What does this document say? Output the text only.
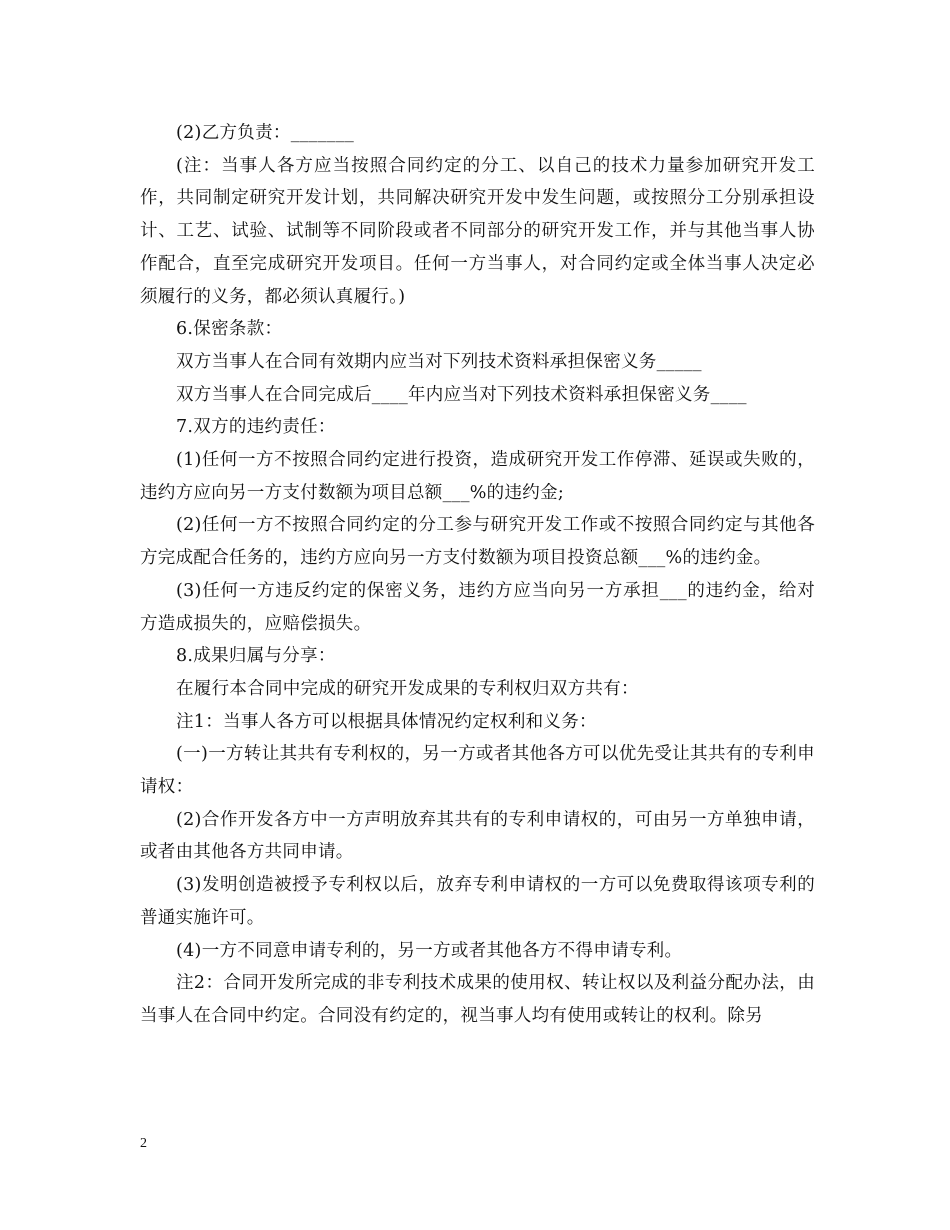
(2)乙方负责：_______

(注：当事人各方应当按照合同约定的分工、以自己的技术力量参加研究开发工作，共同制定研究开发计划，共同解决研究开发中发生问题，或按照分工分别承担设计、工艺、试验、试制等不同阶段或者不同部分的研究开发工作，并与其他当事人协作配合，直至完成研究开发项目。任何一方当事人，对合同约定或全体当事人决定必须履行的义务，都必须认真履行。)

6.保密条款：

双方当事人在合同有效期内应当对下列技术资料承担保密义务_____

双方当事人在合同完成后____年内应当对下列技术资料承担保密义务____

7.双方的违约责任：

(1)任何一方不按照合同约定进行投资，造成研究开发工作停滞、延误或失败的，违约方应向另一方支付数额为项目总额___%的违约金;

(2)任何一方不按照合同约定的分工参与研究开发工作或不按照合同约定与其他各方完成配合任务的，违约方应向另一方支付数额为项目投资总额___%的违约金。

(3)任何一方违反约定的保密义务，违约方应当向另一方承担___的违约金，给对方造成损失的，应赔偿损失。

8.成果归属与分享：

在履行本合同中完成的研究开发成果的专利权归双方共有：

注1：当事人各方可以根据具体情况约定权利和义务：

(一)一方转让其共有专利权的，另一方或者其他各方可以优先受让其共有的专利申请权：

(2)合作开发各方中一方声明放弃其共有的专利申请权的，可由另一方单独申请，或者由其他各方共同申请。

(3)发明创造被授予专利权以后，放弃专利申请权的一方可以免费取得该项专利的普通实施许可。

(4)一方不同意申请专利的，另一方或者其他各方不得申请专利。

注2：合同开发所完成的非专利技术成果的使用权、转让权以及利益分配办法，由当事人在合同中约定。合同没有约定的，视当事人均有使用或转让的权利。除另

2
